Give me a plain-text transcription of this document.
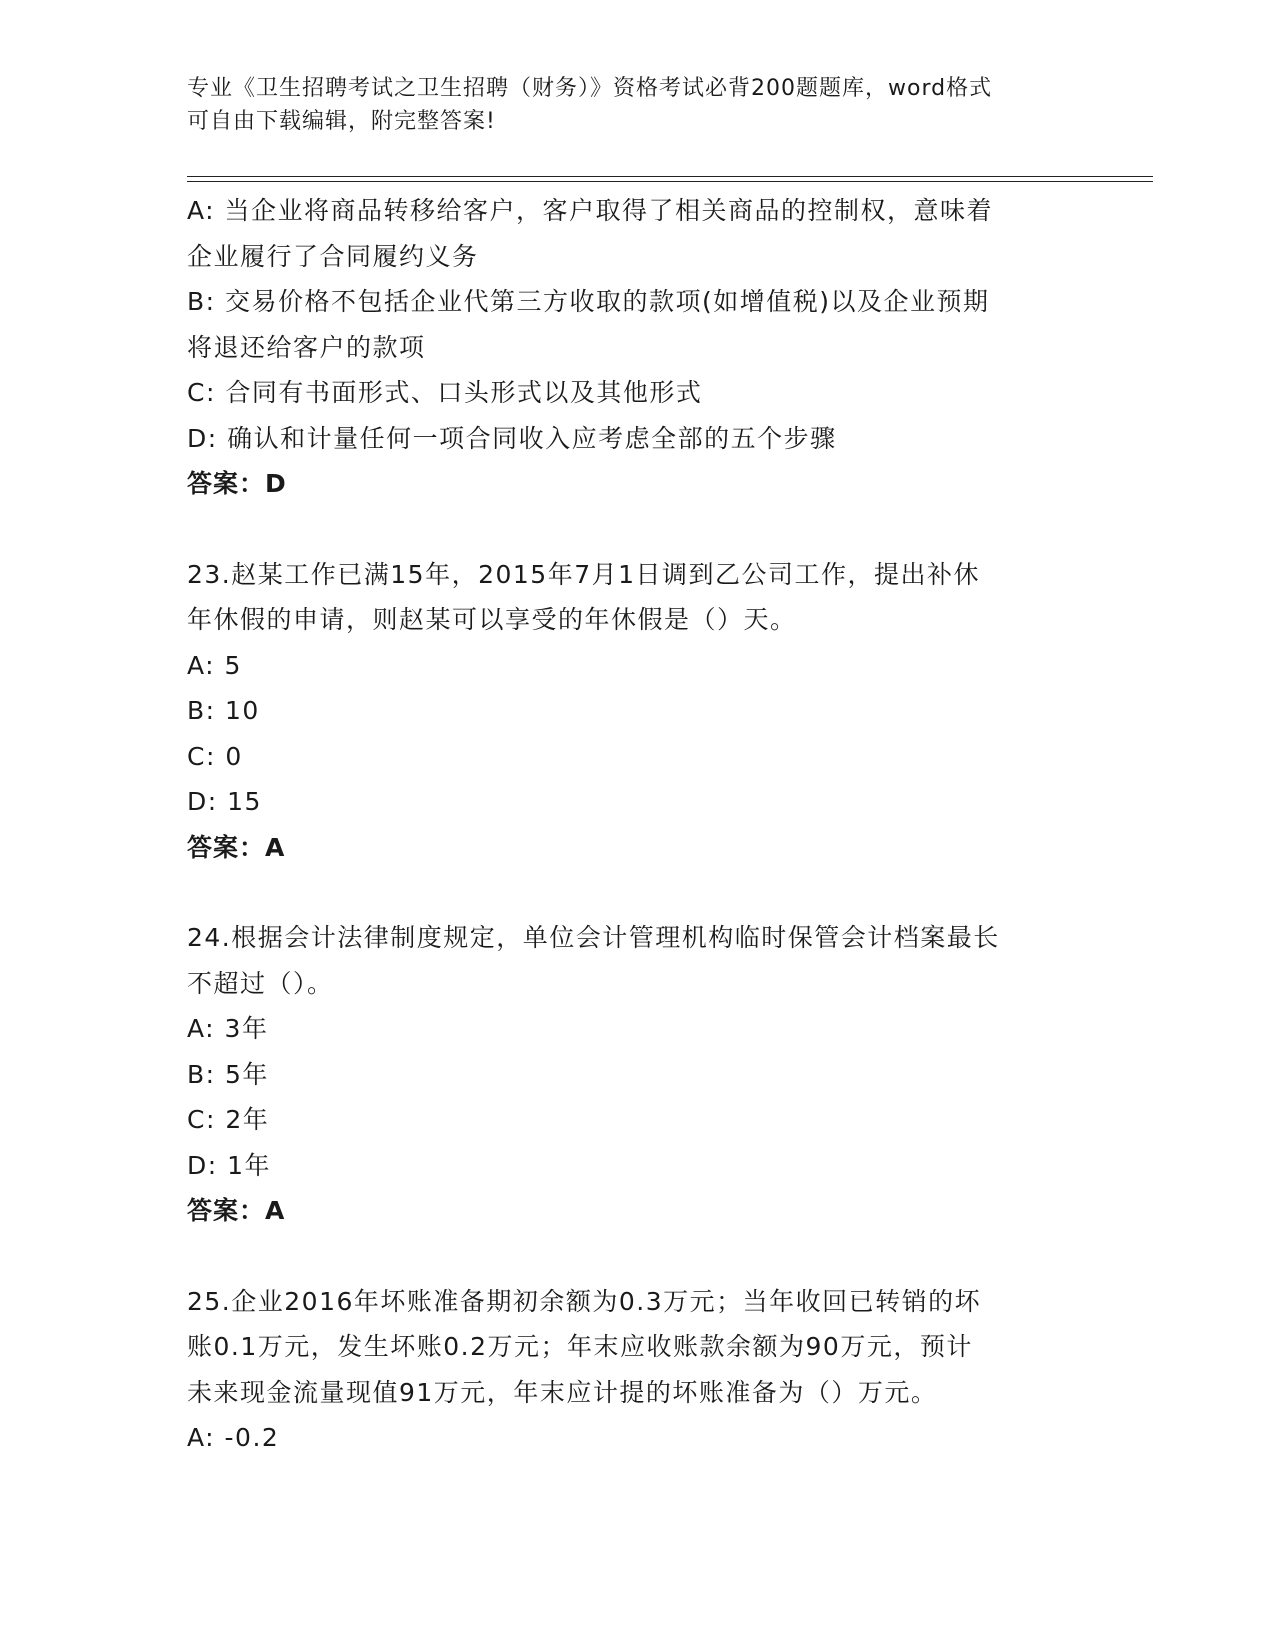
专业《卫生招聘考试之卫生招聘（财务）》资格考试必背200题题库，word格式
可自由下载编辑，附完整答案!
A: 当企业将商品转移给客户，客户取得了相关商品的控制权，意味着
企业履行了合同履约义务
B: 交易价格不包括企业代第三方收取的款项(如增值税)以及企业预期
将退还给客户的款项
C: 合同有书面形式、口头形式以及其他形式
D: 确认和计量任何一项合同收入应考虑全部的五个步骤
答案：D
23.赵某工作已满15年，2015年7月1日调到乙公司工作，提出补休
年休假的申请，则赵某可以享受的年休假是（）天。
A: 5
B: 10
C: 0
D: 15
答案：A
24.根据会计法律制度规定，单位会计管理机构临时保管会计档案最长
不超过（）。
A: 3年
B: 5年
C: 2年
D: 1年
答案：A
25.企业2016年坏账准备期初余额为0.3万元；当年收回已转销的坏
账0.1万元，发生坏账0.2万元；年末应收账款余额为90万元，预计
未来现金流量现值91万元，年末应计提的坏账准备为（）万元。
A: -0.2
